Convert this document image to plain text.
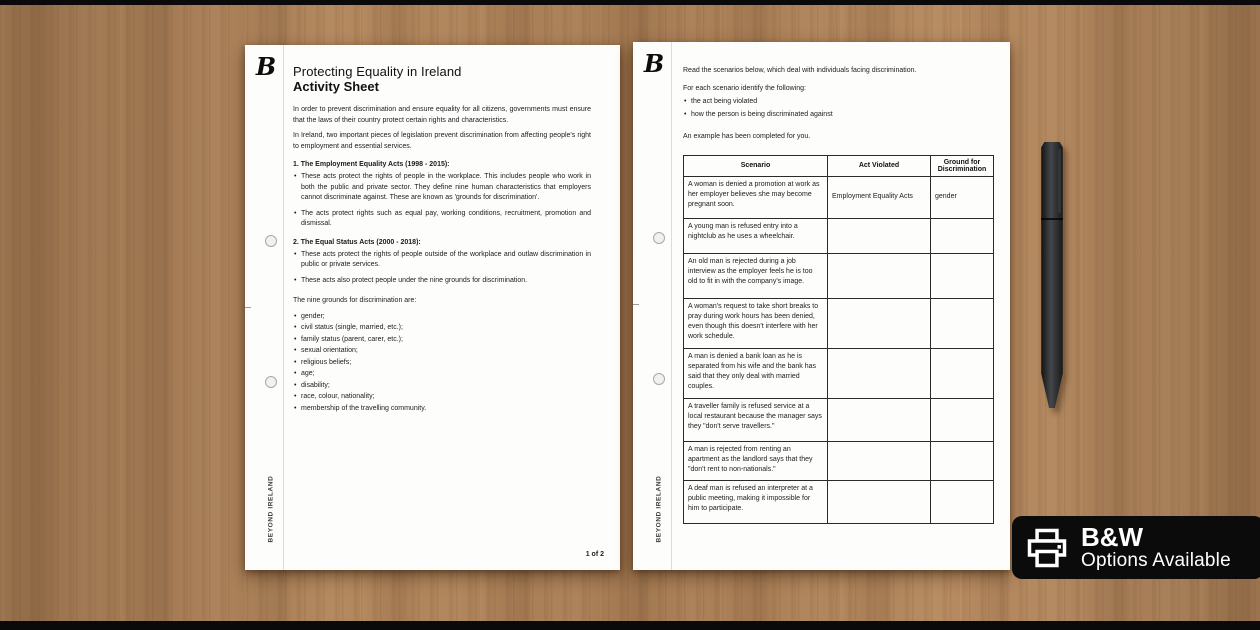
B
BEYOND IRELAND
Protecting Equality in Ireland
Activity Sheet

In order to prevent discrimination and ensure equality for all citizens, governments must ensure that the laws of their country protect certain rights and characteristics.

In Ireland, two important pieces of legislation prevent discrimination from affecting people's right to employment and essential services.

1. The Employment Equality Acts (1998 - 2015):
• These acts protect the rights of people in the workplace. This includes people who work in both the public and private sector. They define nine human characteristics that employers cannot discriminate against. These are known as 'grounds for discrimination'.
• The acts protect rights such as equal pay, working conditions, recruitment, promotion and dismissal.
2. The Equal Status Acts (2000 - 2018):
• These acts protect the rights of people outside of the workplace and outlaw discrimination in public or private services.
• These acts also protect people under the nine grounds for discrimination.

The nine grounds for discrimination are:

• gender;
• civil status (single, married, etc.);
• family status (parent, carer, etc.);
• sexual orientation;
• religious beliefs;
• age;
• disability;
• race, colour, nationality;
• membership of the travelling community.
1 of 2
B
BEYOND IRELAND

Read the scenarios below, which deal with individuals facing discrimination.

For each scenario identify the following:

• the act being violated
• how the person is being discriminated against

An example has been completed for you.

Scenario	Act Violated	Ground for Discrimination
A woman is denied a promotion at work as her employer believes she may become pregnant soon.	Employment Equality Acts	gender
A young man is refused entry into a nightclub as he uses a wheelchair.		
An old man is rejected during a job interview as the employer feels he is too old to fit in with the company's image.		
A woman's request to take short breaks to pray during work hours has been denied, even though this doesn't interfere with her work schedule.		
A man is denied a bank loan as he is separated from his wife and the bank has said that they only deal with married couples.		
A traveller family is refused service at a local restaurant because the manager says they "don't serve travellers."		
A man is rejected from renting an apartment as the landlord says that they "don't rent to non-nationals."		
A deaf man is refused an interpreter at a public meeting, making it impossible for him to participate.		
B&W
Options Available
